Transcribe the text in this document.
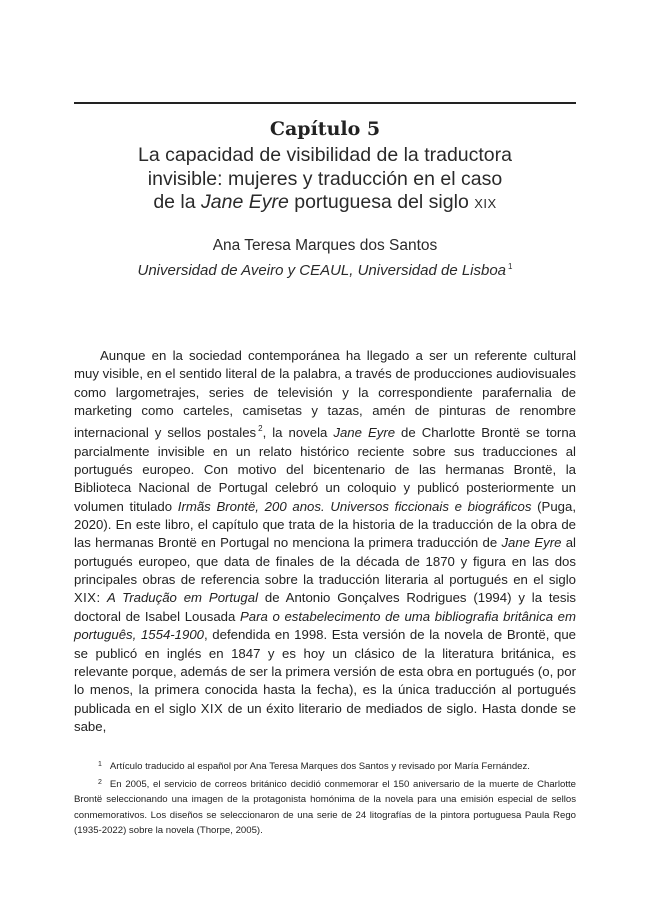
Capítulo 5
La capacidad de visibilidad de la traductora
invisible: mujeres y traducción en el caso
de la Jane Eyre portuguesa del siglo XIX
Ana Teresa Marques dos Santos
Universidad de Aveiro y CEAUL, Universidad de Lisboa $^1$

Aunque en la sociedad contemporánea ha llegado a ser un referente cultural muy visible, en el sentido literal de la palabra, a través de producciones audiovisuales como largometrajes, series de televisión y la correspondiente parafernalia de marketing como carteles, camisetas y tazas, amén de pinturas de renombre internacional y sellos postales $^2$, la novela Jane Eyre de Charlotte Brontë se torna parcialmente invisible en un relato histórico reciente sobre sus traducciones al portugués europeo. Con motivo del bicentenario de las hermanas Brontë, la Biblioteca Nacional de Portugal celebró un coloquio y publicó posteriormente un volumen titulado Irmãs Brontë, 200 anos. Universos ficcionais e biográficos (Puga, 2020). En este libro, el capítulo que trata de la historia de la traducción de la obra de las hermanas Brontë en Portugal no menciona la primera traducción de Jane Eyre al portugués europeo, que data de finales de la década de 1870 y figura en las dos principales obras de referencia sobre la traducción literaria al portugués en el siglo XIX: A Tradução em Portugal de Antonio Gonçalves Rodrigues (1994) y la tesis doctoral de Isabel Lousada Para o estabelecimento de uma bibliografia britânica em português, 1554-1900, defendida en 1998. Esta versión de la novela de Brontë, que se publicó en inglés en 1847 y es hoy un clásico de la literatura británica, es relevante porque, además de ser la primera versión de esta obra en portugués (o, por lo menos, la primera conocida hasta la fecha), es la única traducción al portugués publicada en el siglo XIX de un éxito literario de mediados de siglo. Hasta donde se sabe,

$^1$ Artículo traducido al español por Ana Teresa Marques dos Santos y revisado por María Fernández.

$^2$ En 2005, el servicio de correos británico decidió conmemorar el 150 aniversario de la muerte de Charlotte Brontë seleccionando una imagen de la protagonista homónima de la novela para una emisión especial de sellos conmemorativos. Los diseños se seleccionaron de una serie de 24 litografías de la pintora portuguesa Paula Rego (1935-2022) sobre la novela (Thorpe, 2005).
